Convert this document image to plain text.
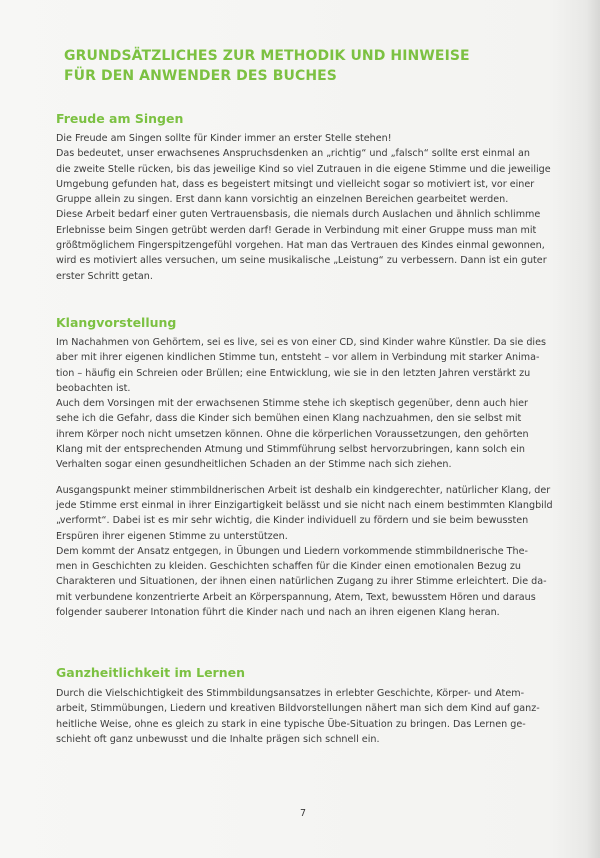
GRUNDSÄTZLICHES ZUR METHODIK UND HINWEISE
FÜR DEN ANWENDER DES BUCHES
Freude am Singen
Die Freude am Singen sollte für Kinder immer an erster Stelle stehen!
Das bedeutet, unser erwachsenes Anspruchsdenken an „richtig“ und „falsch“ sollte erst einmal an
die zweite Stelle rücken, bis das jeweilige Kind so viel Zutrauen in die eigene Stimme und die jeweilige
Umgebung gefunden hat, dass es begeistert mitsingt und vielleicht sogar so motiviert ist, vor einer
Gruppe allein zu singen. Erst dann kann vorsichtig an einzelnen Bereichen gearbeitet werden.
Diese Arbeit bedarf einer guten Vertrauensbasis, die niemals durch Auslachen und ähnlich schlimme
Erlebnisse beim Singen getrübt werden darf! Gerade in Verbindung mit einer Gruppe muss man mit
größtmöglichem Fingerspitzengefühl vorgehen. Hat man das Vertrauen des Kindes einmal gewonnen,
wird es motiviert alles versuchen, um seine musikalische „Leistung“ zu verbessern. Dann ist ein guter
erster Schritt getan.
Klangvorstellung
Im Nachahmen von Gehörtem, sei es live, sei es von einer CD, sind Kinder wahre Künstler. Da sie dies
aber mit ihrer eigenen kindlichen Stimme tun, entsteht – vor allem in Verbindung mit starker Anima-
tion – häufig ein Schreien oder Brüllen; eine Entwicklung, wie sie in den letzten Jahren verstärkt zu
beobachten ist.
Auch dem Vorsingen mit der erwachsenen Stimme stehe ich skeptisch gegenüber, denn auch hier
sehe ich die Gefahr, dass die Kinder sich bemühen einen Klang nachzuahmen, den sie selbst mit
ihrem Körper noch nicht umsetzen können. Ohne die körperlichen Voraussetzungen, den gehörten
Klang mit der entsprechenden Atmung und Stimmführung selbst hervorzubringen, kann solch ein
Verhalten sogar einen gesundheitlichen Schaden an der Stimme nach sich ziehen.
Ausgangspunkt meiner stimmbildnerischen Arbeit ist deshalb ein kindgerechter, natürlicher Klang, der
jede Stimme erst einmal in ihrer Einzigartigkeit belässt und sie nicht nach einem bestimmten Klangbild
„verformt“. Dabei ist es mir sehr wichtig, die Kinder individuell zu fördern und sie beim bewussten
Erspüren ihrer eigenen Stimme zu unterstützen.
Dem kommt der Ansatz entgegen, in Übungen und Liedern vorkommende stimmbildnerische The-
men in Geschichten zu kleiden. Geschichten schaffen für die Kinder einen emotionalen Bezug zu
Charakteren und Situationen, der ihnen einen natürlichen Zugang zu ihrer Stimme erleichtert. Die da-
mit verbundene konzentrierte Arbeit an Körperspannung, Atem, Text, bewusstem Hören und daraus
folgender sauberer Intonation führt die Kinder nach und nach an ihren eigenen Klang heran.
Ganzheitlichkeit im Lernen
Durch die Vielschichtigkeit des Stimmbildungsansatzes in erlebter Geschichte, Körper- und Atem-
arbeit, Stimmübungen, Liedern und kreativen Bildvorstellungen nähert man sich dem Kind auf ganz-
heitliche Weise, ohne es gleich zu stark in eine typische Übe-Situation zu bringen. Das Lernen ge-
schieht oft ganz unbewusst und die Inhalte prägen sich schnell ein.
7
